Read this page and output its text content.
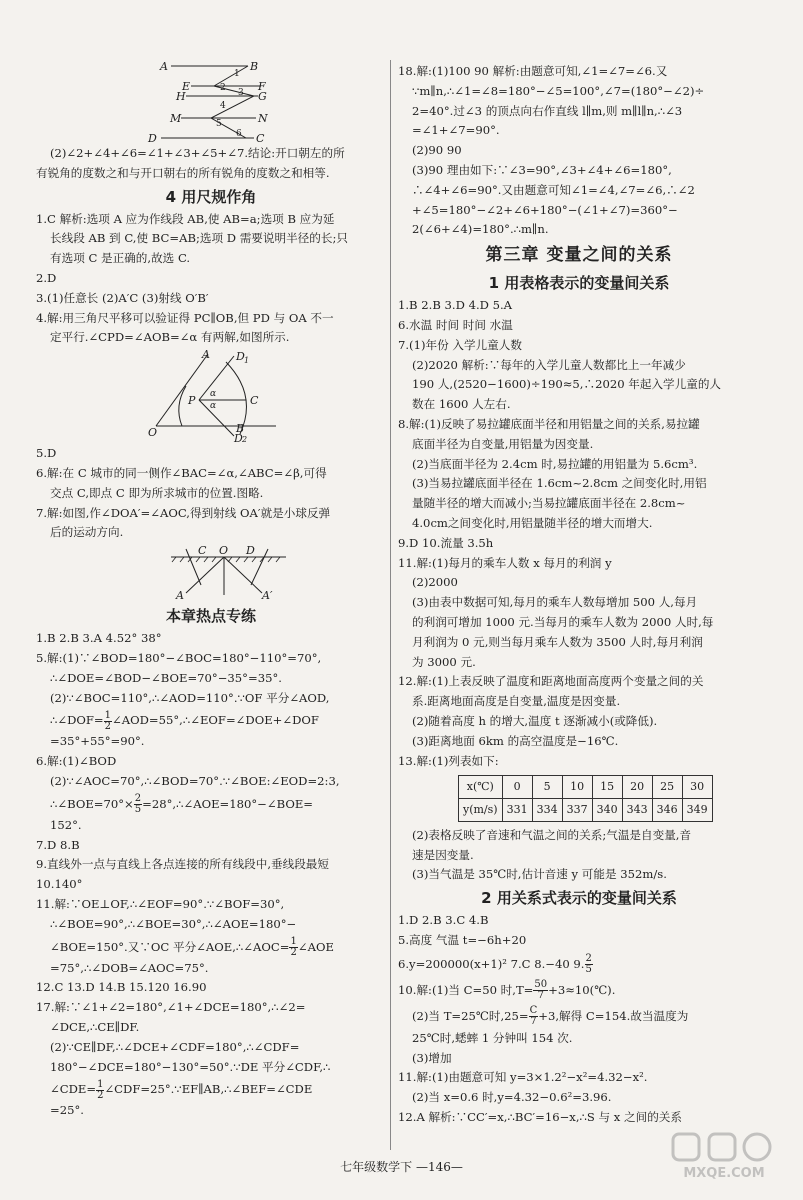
A	B
E	F
H	G
M	N
D	C
1
2 3
4
5
6
(2)∠2+∠4+∠6=∠1+∠3+∠5+∠7.结论:开口朝左的所
有锐角的度数之和与开口朝右的所有锐角的度数之和相等.
4 用尺规作角
1.C 解析:选项 A 应为作线段 AB,使 AB=a;选项 B 应为延
长线段 AB 到 C,使 BC=AB;选项 D 需要说明半径的长;只
有选项 C 是正确的,故选 C.
2.D
3.(1)任意长 (2)A′C (3)射线 O′B′
4.解:用三角尺平移可以验证得 PC∥OB,但 PD 与 OA 不一
定平行.∠CPD=∠AOB=∠α 有两解,如图所示.
A D 1
P	C
O	B
D 2
α
α
5.D
6.解:在 C 城市的同一侧作∠BAC=∠α,∠ABC=∠β,可得
交点 C,即点 C 即为所求城市的位置.图略.
7.解:如图,作∠DOA′=∠AOC,得到射线 OA′就是小球反弹
后的运动方向.
C O D
A	A′
本章热点专练
1.B 2.B 3.A 4.52° 38°
5.解:(1)∵∠BOD=180°−∠BOC=180°−110°=70°,
∴∠DOE=∠BOD−∠BOE=70°−35°=35°.
(2)∵∠BOC=110°,∴∠AOD=110°.∵OF 平分∠AOD,
∴∠DOF= $\frac{1}{2}$ ∠AOD=55°,∴∠EOF=∠DOE+∠DOF
=35°+55°=90°.
6.解:(1)∠BOD
(2)∵∠AOC=70°,∴∠BOD=70°.∵∠BOE:∠EOD=2:3,
∴∠BOE=70°× $\frac{2}{5}$ =28°,∴∠AOE=180°−∠BOE=
152°.
7.D 8.B
9.直线外一点与直线上各点连接的所有线段中,垂线段最短
10.140°
11.解:∵OE⊥OF,∴∠EOF=90°.∵∠BOF=30°,
∴∠BOE=90°,∴∠BOE=30°,∴∠AOE=180°−
∠BOE=150°.又∵OC 平分∠AOE,∴∠AOC= $\frac{1}{2}$ ∠AOE
=75°,∴∠DOB=∠AOC=75°.
12.C 13.D 14.B 15.120 16.90
17.解:∵∠1+∠2=180°,∠1+∠DCE=180°,∴∠2=
∠DCE,∴CE∥DF.
(2)∵CE∥DF,∴∠DCE+∠CDF=180°,∴∠CDF=
180°−∠DCE=180°−130°=50°.∵DE 平分∠CDF,∴
∠CDE= $\frac{1}{2}$ ∠CDF=25°.∵EF∥AB,∴∠BEF=∠CDE
=25°.
18.解:(1)100 90 解析:由题意可知,∠1=∠7=∠6.又
∵m∥n,∴∠1=∠8=180°−∠5=100°,∠7=(180°−∠2)÷
2=40°.过∠3 的顶点向右作直线 l∥m,则 m∥l∥n,∴∠3
=∠1+∠7=90°.
(2)90 90
(3)90 理由如下:∵∠3=90°,∠3+∠4+∠6=180°,
∴∠4+∠6=90°.又由题意可知∠1=∠4,∠7=∠6,∴∠2
+∠5=180°−∠2+∠6+180°−(∠1+∠7)=360°−
2(∠6+∠4)=180°.∴m∥n.
第三章 变量之间的关系
1 用表格表示的变量间关系
1.B 2.B 3.D 4.D 5.A
6.水温 时间 时间 水温
7.(1)年份 入学儿童人数
(2)2020 解析:∵每年的入学儿童人数都比上一年减少
190 人,(2520−1600)÷190≈5,∴2020 年起入学儿童的人
数在 1600 人左右.
8.解:(1)反映了易拉罐底面半径和用铝量之间的关系,易拉罐
底面半径为自变量,用铝量为因变量.
(2)当底面半径为 2.4cm 时,易拉罐的用铝量为 5.6cm³.
(3)当易拉罐底面半径在 1.6cm~2.8cm 之间变化时,用铝
量随半径的增大而减小;当易拉罐底面半径在 2.8cm~
4.0cm之间变化时,用铝量随半径的增大而增大.
9.D 10.流量 3.5h
11.解:(1)每月的乘车人数 x 每月的利润 y
(2)2000
(3)由表中数据可知,每月的乘车人数每增加 500 人,每月
的利润可增加 1000 元.当每月的乘车人数为 2000 人时,每
月利润为 0 元,则当每月乘车人数为 3500 人时,每月利润
为 3000 元.
12.解:(1)上表反映了温度和距离地面高度两个变量之间的关
系.距离地面高度是自变量,温度是因变量.
(2)随着高度 h 的增大,温度 t 逐渐减小(或降低).
(3)距离地面 6km 的高空温度是−16℃.
13.解:(1)列表如下:
x(℃)	0	5	10	15	20	25	30
y(m/s)	331	334	337	340	343	346	349
(2)表格反映了音速和气温之间的关系;气温是自变量,音
速是因变量.
(3)当气温是 35℃时,估计音速 y 可能是 352m/s.
2 用关系式表示的变量间关系
1.D 2.B 3.C 4.B
5.高度 气温 t=−6h+20
6.y=200000(x+1)² 7.C 8.−40 9. $\frac{2}{5}$
10.解:(1)当 C=50 时$,T= \frac{50}{7}$ +3≈10(℃).
(2)当 T=25℃时$,25= \frac{C}{7} +3$,解得 C=154.故当温度为
25℃时,蟋蟀 1 分钟叫 154 次.
(3)增加
11.解:(1)由题意可知 y=3×1.2²−x²=4.32−x².
(2)当 x=0.6 时,y=4.32−0.6²=3.96.
12.A 解析:∵CC′=x,∴BC′=16−x,∴S 与 x 之间的关系
七年级数学下 —146—	MXQE.COM
